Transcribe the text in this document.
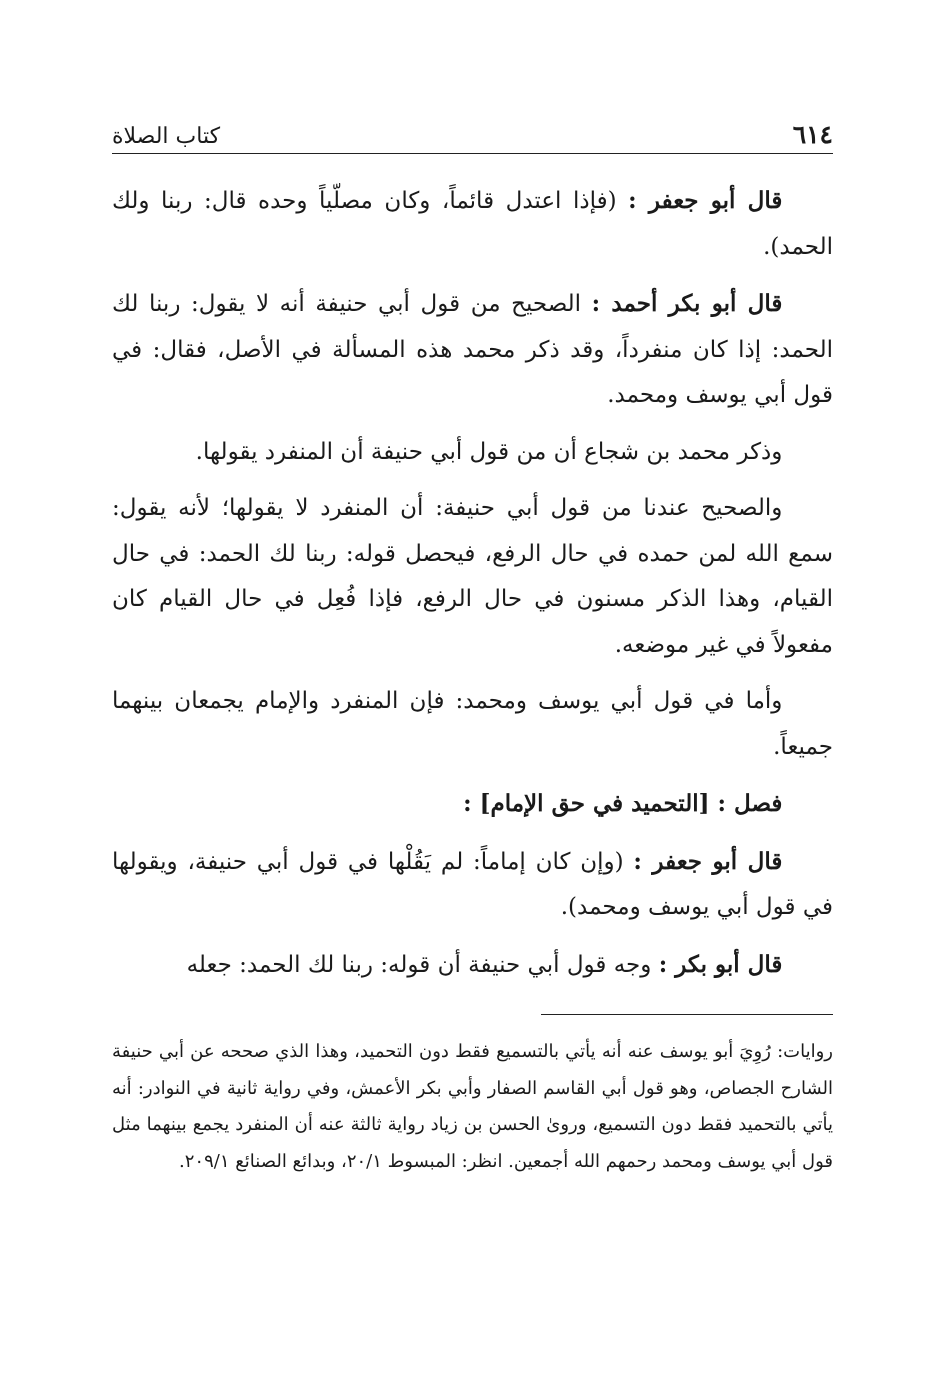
٦١٤
كتاب الصلاة

قال أبو جعفر : (فإذا اعتدل قائماً، وكان مصلّياً وحده قال: ربنا ولك الحمد).

قال أبو بكر أحمد : الصحيح من قول أبي حنيفة أنه لا يقول: ربنا لك الحمد: إذا كان منفرداً، وقد ذكر محمد هذه المسألة في الأصل، فقال: في قول أبي يوسف ومحمد.

وذكر محمد بن شجاع أن من قول أبي حنيفة أن المنفرد يقولها.

والصحيح عندنا من قول أبي حنيفة: أن المنفرد لا يقولها؛ لأنه يقول: سمع الله لمن حمده في حال الرفع، فيحصل قوله: ربنا لك الحمد: في حال القيام، وهذا الذكر مسنون في حال الرفع، فإذا فُعِل في حال القيام كان مفعولاً في غير موضعه.

وأما في قول أبي يوسف ومحمد: فإن المنفرد والإمام يجمعان بينهما جميعاً.

فصل : [التحميد في حق الإمام] :

قال أبو جعفر : (وإن كان إماماً: لم يَقُلْها في قول أبي حنيفة، ويقولها في قول أبي يوسف ومحمد).

قال أبو بكر : وجه قول أبي حنيفة أن قوله: ربنا لك الحمد: جعله

روايات: رُوِيَ أبو يوسف عنه أنه يأتي بالتسميع فقط دون التحميد، وهذا الذي صححه عن أبي حنيفة الشارح الجصاص، وهو قول أبي القاسم الصفار وأبي بكر الأعمش، وفي رواية ثانية في النوادر: أنه يأتي بالتحميد فقط دون التسميع، وروىٰ الحسن بن زياد رواية ثالثة عنه أن المنفرد يجمع بينهما مثل قول أبي يوسف ومحمد رحمهم الله أجمعين. انظر: المبسوط ٢٠/١، وبدائع الصنائع ٢٠٩/١.
